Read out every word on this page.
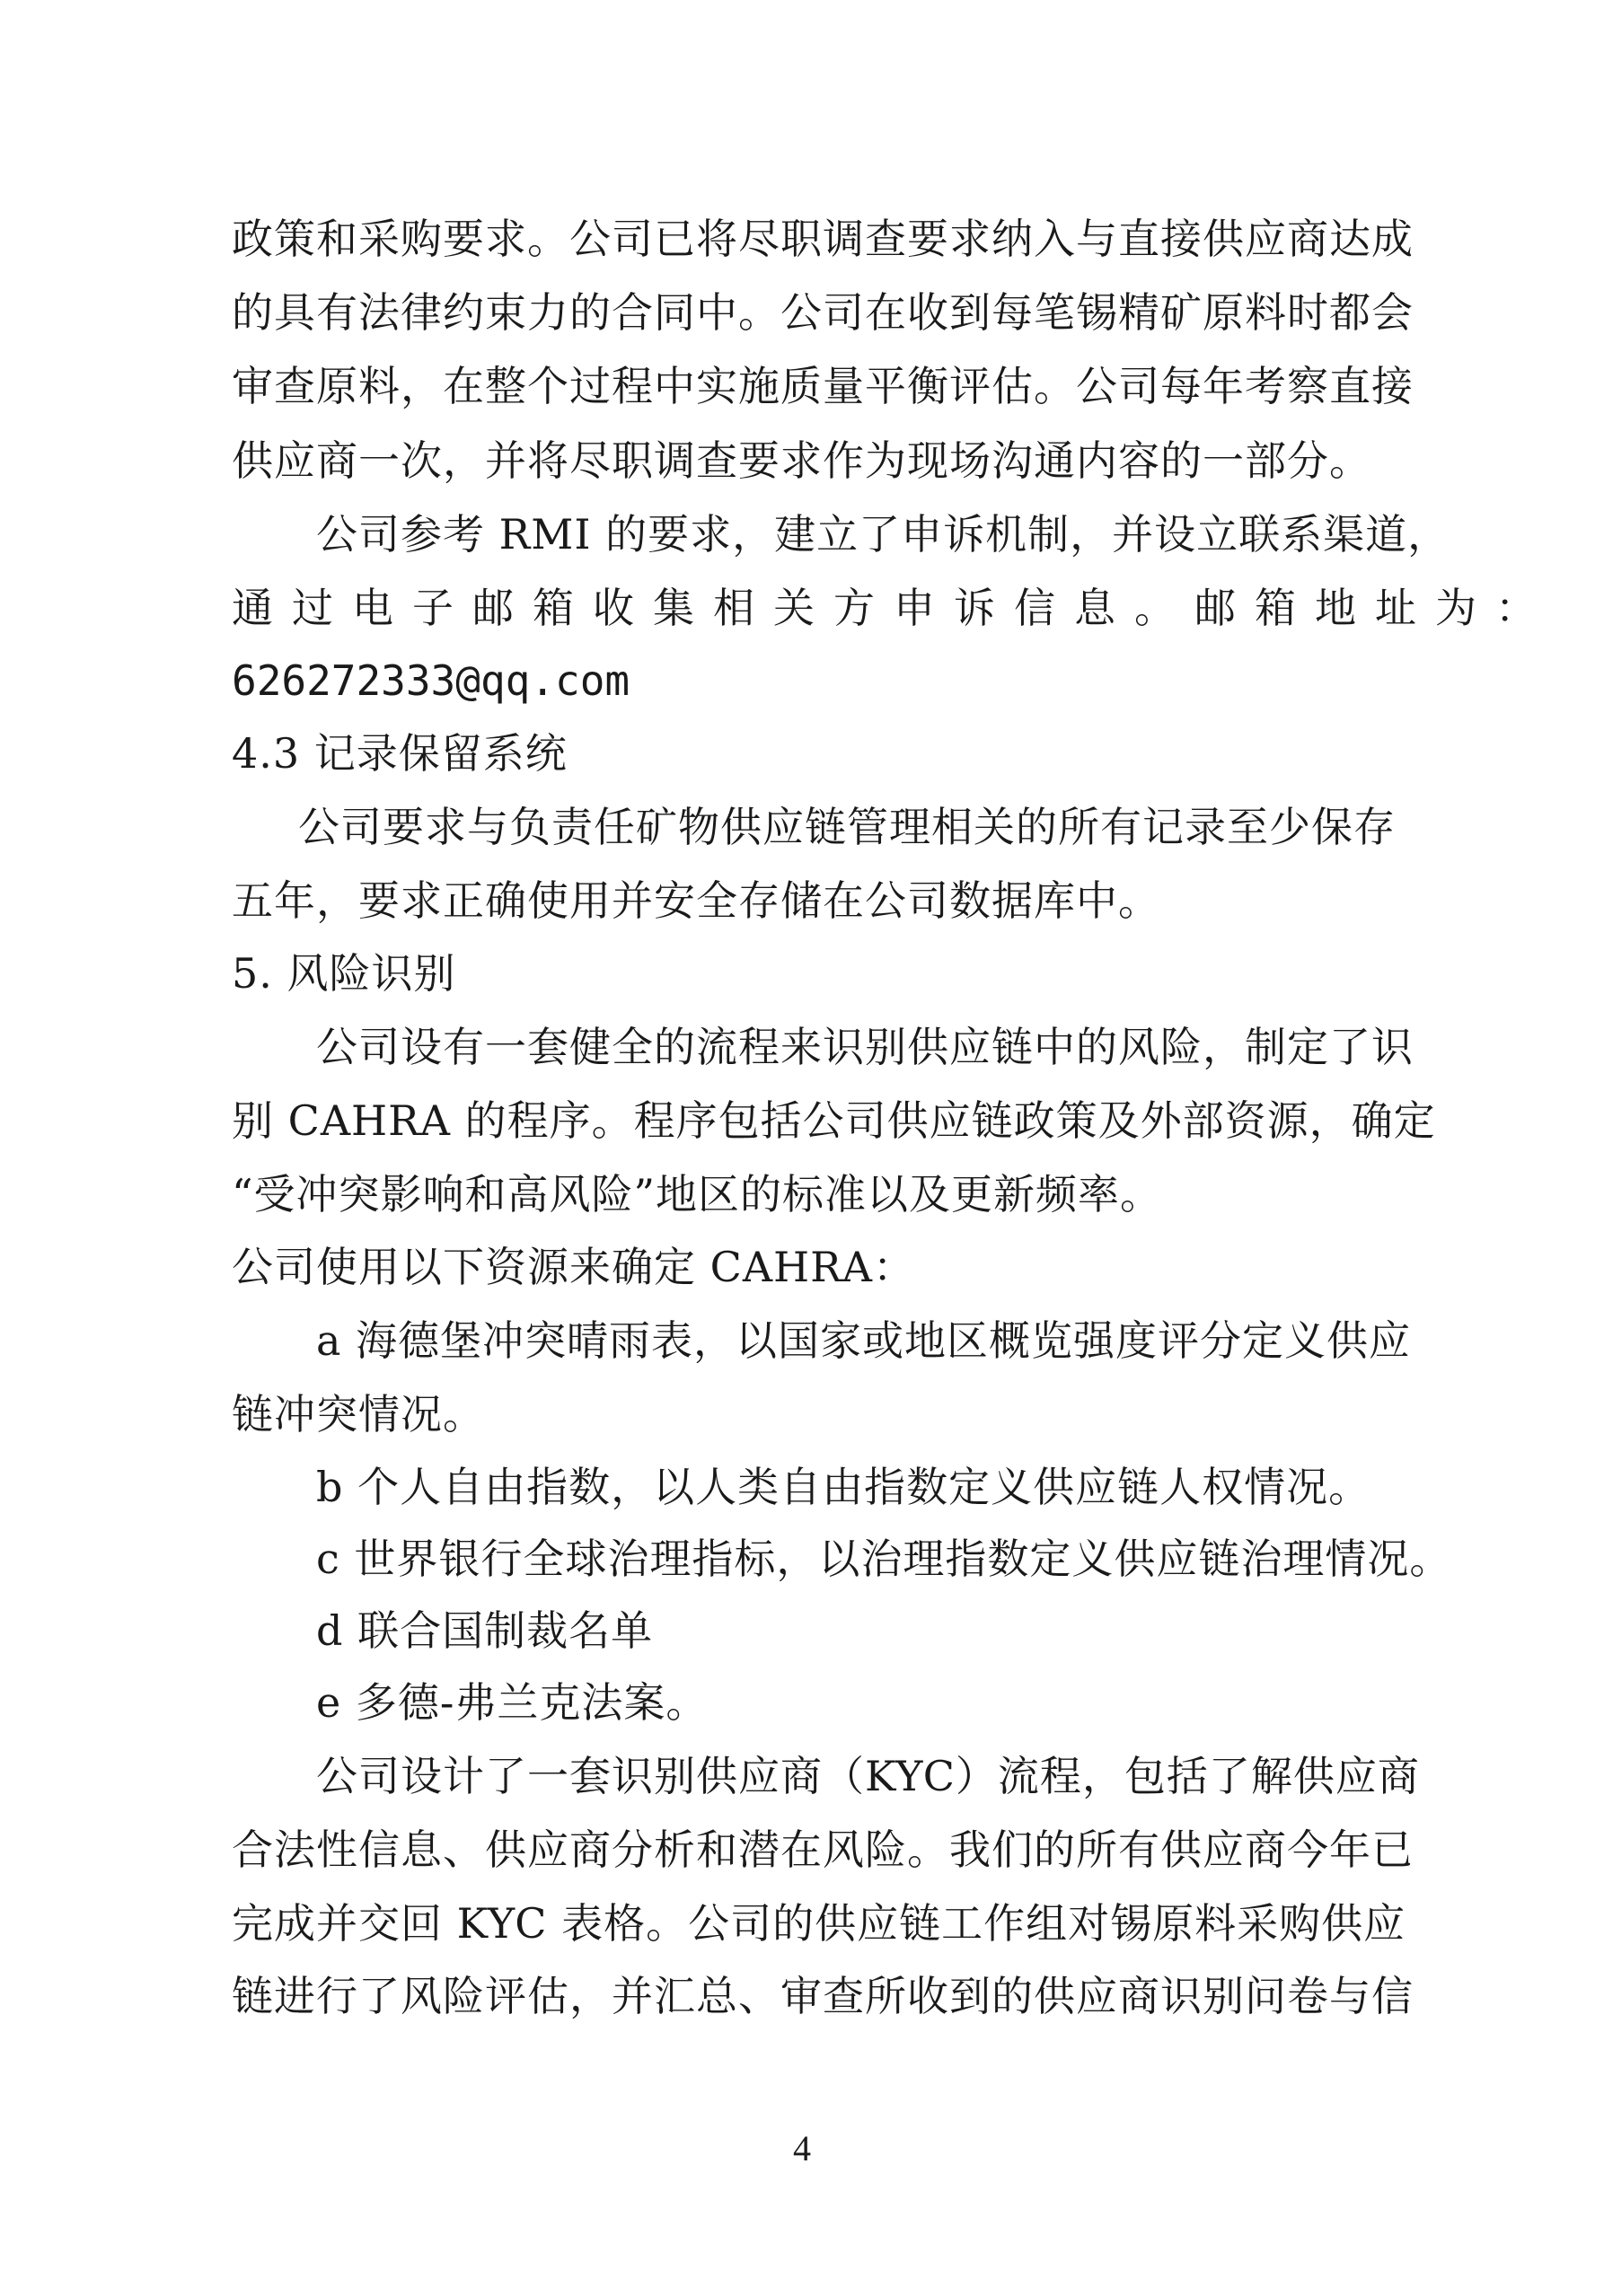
政策和采购要求。公司已将尽职调查要求纳入与直接供应商达成
的具有法律约束力的合同中。公司在收到每笔锡精矿原料时都会
审查原料，在整个过程中实施质量平衡评估。公司每年考察直接
供应商一次，并将尽职调查要求作为现场沟通内容的一部分。
公司参考 RMI 的要求，建立了申诉机制，并设立联系渠道，
通过电子邮箱收集相关方申诉信息。邮箱地址为：
626272333@qq.com
4.3 记录保留系统
公司要求与负责任矿物供应链管理相关的所有记录至少保存
五年，要求正确使用并安全存储在公司数据库中。
5. 风险识别
公司设有一套健全的流程来识别供应链中的风险，制定了识
别 CAHRA 的程序。程序包括公司供应链政策及外部资源，确定
“受冲突影响和高风险”地区的标准以及更新频率。
公司使用以下资源来确定 CAHRA：
a 海德堡冲突晴雨表，以国家或地区概览强度评分定义供应
链冲突情况。
b 个人自由指数，以人类自由指数定义供应链人权情况。
c 世界银行全球治理指标，以治理指数定义供应链治理情况。
d 联合国制裁名单
e 多德-弗兰克法案。
公司设计了一套识别供应商（KYC）流程，包括了解供应商
合法性信息、供应商分析和潜在风险。我们的所有供应商今年已
完成并交回 KYC 表格。公司的供应链工作组对锡原料采购供应
链进行了风险评估，并汇总、审查所收到的供应商识别问卷与信
4
